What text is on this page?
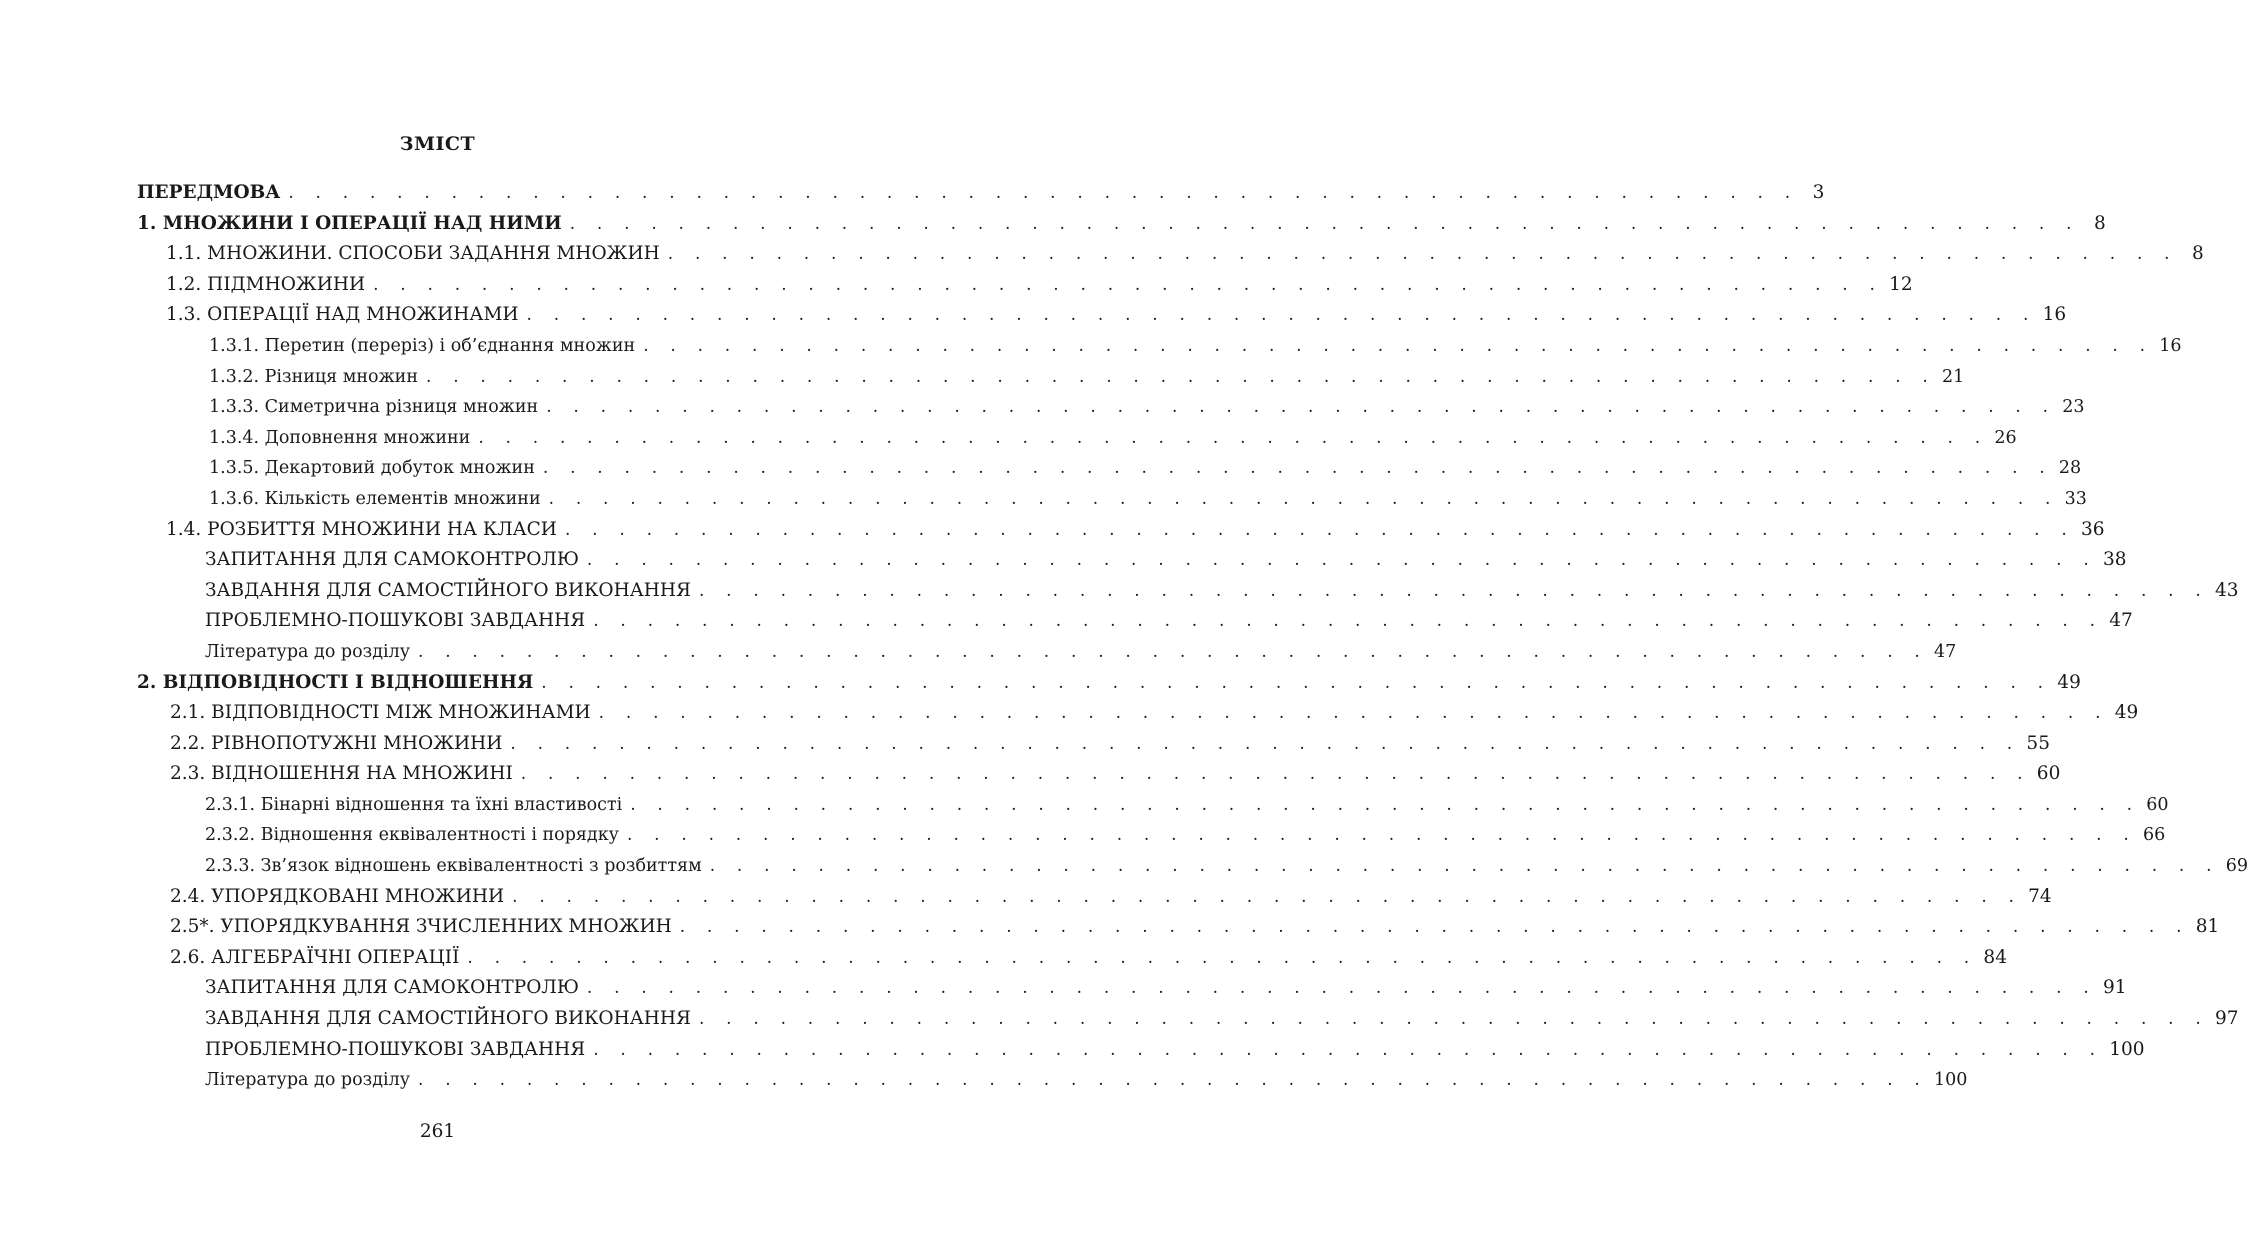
ЗМІСТ
ПЕРЕДМОВА . . . . . . . . . . . . . . . . . . . . . . . . . . . . . . . . . . . . . . . . . . . . . . . . . . . . . . . . 3
1. МНОЖИНИ І ОПЕРАЦІЇ НАД НИМИ . . . . . . . . . . . . . . . . . . . . . . . . . . . . . . . . . . . . . . . . . . . . . . . . . . . . . . . . 8
1.1. МНОЖИНИ. СПОСОБИ ЗАДАННЯ МНОЖИН . . . . . . . . . . . . . . . . . . . . . . . . . . . . . . . . . . . . . . . . . . . . . . . . . . . . . . . . 8
1.2. ПІДМНОЖИНИ . . . . . . . . . . . . . . . . . . . . . . . . . . . . . . . . . . . . . . . . . . . . . . . . . . . . . . . . 12
1.3. ОПЕРАЦІЇ НАД МНОЖИНАМИ . . . . . . . . . . . . . . . . . . . . . . . . . . . . . . . . . . . . . . . . . . . . . . . . . . . . . . . . 16
1.3.1. Перетин (переріз) і об’єднання множин . . . . . . . . . . . . . . . . . . . . . . . . . . . . . . . . . . . . . . . . . . . . . . . . . . . . . . . . 16
1.3.2. Різниця множин . . . . . . . . . . . . . . . . . . . . . . . . . . . . . . . . . . . . . . . . . . . . . . . . . . . . . . . . 21
1.3.3. Симетрична різниця множин . . . . . . . . . . . . . . . . . . . . . . . . . . . . . . . . . . . . . . . . . . . . . . . . . . . . . . . . 23
1.3.4. Доповнення множини . . . . . . . . . . . . . . . . . . . . . . . . . . . . . . . . . . . . . . . . . . . . . . . . . . . . . . . . 26
1.3.5. Декартовий добуток множин . . . . . . . . . . . . . . . . . . . . . . . . . . . . . . . . . . . . . . . . . . . . . . . . . . . . . . . . 28
1.3.6. Кількість елементів множини . . . . . . . . . . . . . . . . . . . . . . . . . . . . . . . . . . . . . . . . . . . . . . . . . . . . . . . . 33
1.4. РОЗБИТТЯ МНОЖИНИ НА КЛАСИ . . . . . . . . . . . . . . . . . . . . . . . . . . . . . . . . . . . . . . . . . . . . . . . . . . . . . . . . 36
ЗАПИТАННЯ ДЛЯ САМОКОНТРОЛЮ . . . . . . . . . . . . . . . . . . . . . . . . . . . . . . . . . . . . . . . . . . . . . . . . . . . . . . . . 38
ЗАВДАННЯ ДЛЯ САМОСТІЙНОГО ВИКОНАННЯ . . . . . . . . . . . . . . . . . . . . . . . . . . . . . . . . . . . . . . . . . . . . . . . . . . . . . . . . 43
ПРОБЛЕМНО-ПОШУКОВІ ЗАВДАННЯ . . . . . . . . . . . . . . . . . . . . . . . . . . . . . . . . . . . . . . . . . . . . . . . . . . . . . . . . 47
Література до розділу . . . . . . . . . . . . . . . . . . . . . . . . . . . . . . . . . . . . . . . . . . . . . . . . . . . . . . . . 47
2. ВІДПОВІДНОСТІ І ВІДНОШЕННЯ . . . . . . . . . . . . . . . . . . . . . . . . . . . . . . . . . . . . . . . . . . . . . . . . . . . . . . . . 49
2.1. ВІДПОВІДНОСТІ МІЖ МНОЖИНАМИ . . . . . . . . . . . . . . . . . . . . . . . . . . . . . . . . . . . . . . . . . . . . . . . . . . . . . . . . 49
2.2. РІВНОПОТУЖНІ МНОЖИНИ . . . . . . . . . . . . . . . . . . . . . . . . . . . . . . . . . . . . . . . . . . . . . . . . . . . . . . . . 55
2.3. ВІДНОШЕННЯ НА МНОЖИНІ . . . . . . . . . . . . . . . . . . . . . . . . . . . . . . . . . . . . . . . . . . . . . . . . . . . . . . . . 60
2.3.1. Бінарні відношення та їхні властивості . . . . . . . . . . . . . . . . . . . . . . . . . . . . . . . . . . . . . . . . . . . . . . . . . . . . . . . . 60
2.3.2. Відношення еквівалентності і порядку . . . . . . . . . . . . . . . . . . . . . . . . . . . . . . . . . . . . . . . . . . . . . . . . . . . . . . . . 66
2.3.3. Зв’язок відношень еквівалентності з розбиттям . . . . . . . . . . . . . . . . . . . . . . . . . . . . . . . . . . . . . . . . . . . . . . . . . . . . . . . . 69
2.4. УПОРЯДКОВАНІ МНОЖИНИ . . . . . . . . . . . . . . . . . . . . . . . . . . . . . . . . . . . . . . . . . . . . . . . . . . . . . . . . 74
2.5*. УПОРЯДКУВАННЯ ЗЧИСЛЕННИХ МНОЖИН . . . . . . . . . . . . . . . . . . . . . . . . . . . . . . . . . . . . . . . . . . . . . . . . . . . . . . . . 81
2.6. АЛГЕБРАЇЧНІ ОПЕРАЦІЇ . . . . . . . . . . . . . . . . . . . . . . . . . . . . . . . . . . . . . . . . . . . . . . . . . . . . . . . . 84
ЗАПИТАННЯ ДЛЯ САМОКОНТРОЛЮ . . . . . . . . . . . . . . . . . . . . . . . . . . . . . . . . . . . . . . . . . . . . . . . . . . . . . . . . 91
ЗАВДАННЯ ДЛЯ САМОСТІЙНОГО ВИКОНАННЯ . . . . . . . . . . . . . . . . . . . . . . . . . . . . . . . . . . . . . . . . . . . . . . . . . . . . . . . . 97
ПРОБЛЕМНО-ПОШУКОВІ ЗАВДАННЯ . . . . . . . . . . . . . . . . . . . . . . . . . . . . . . . . . . . . . . . . . . . . . . . . . . . . . . . . 100
Література до розділу . . . . . . . . . . . . . . . . . . . . . . . . . . . . . . . . . . . . . . . . . . . . . . . . . . . . . . . . 100
261
